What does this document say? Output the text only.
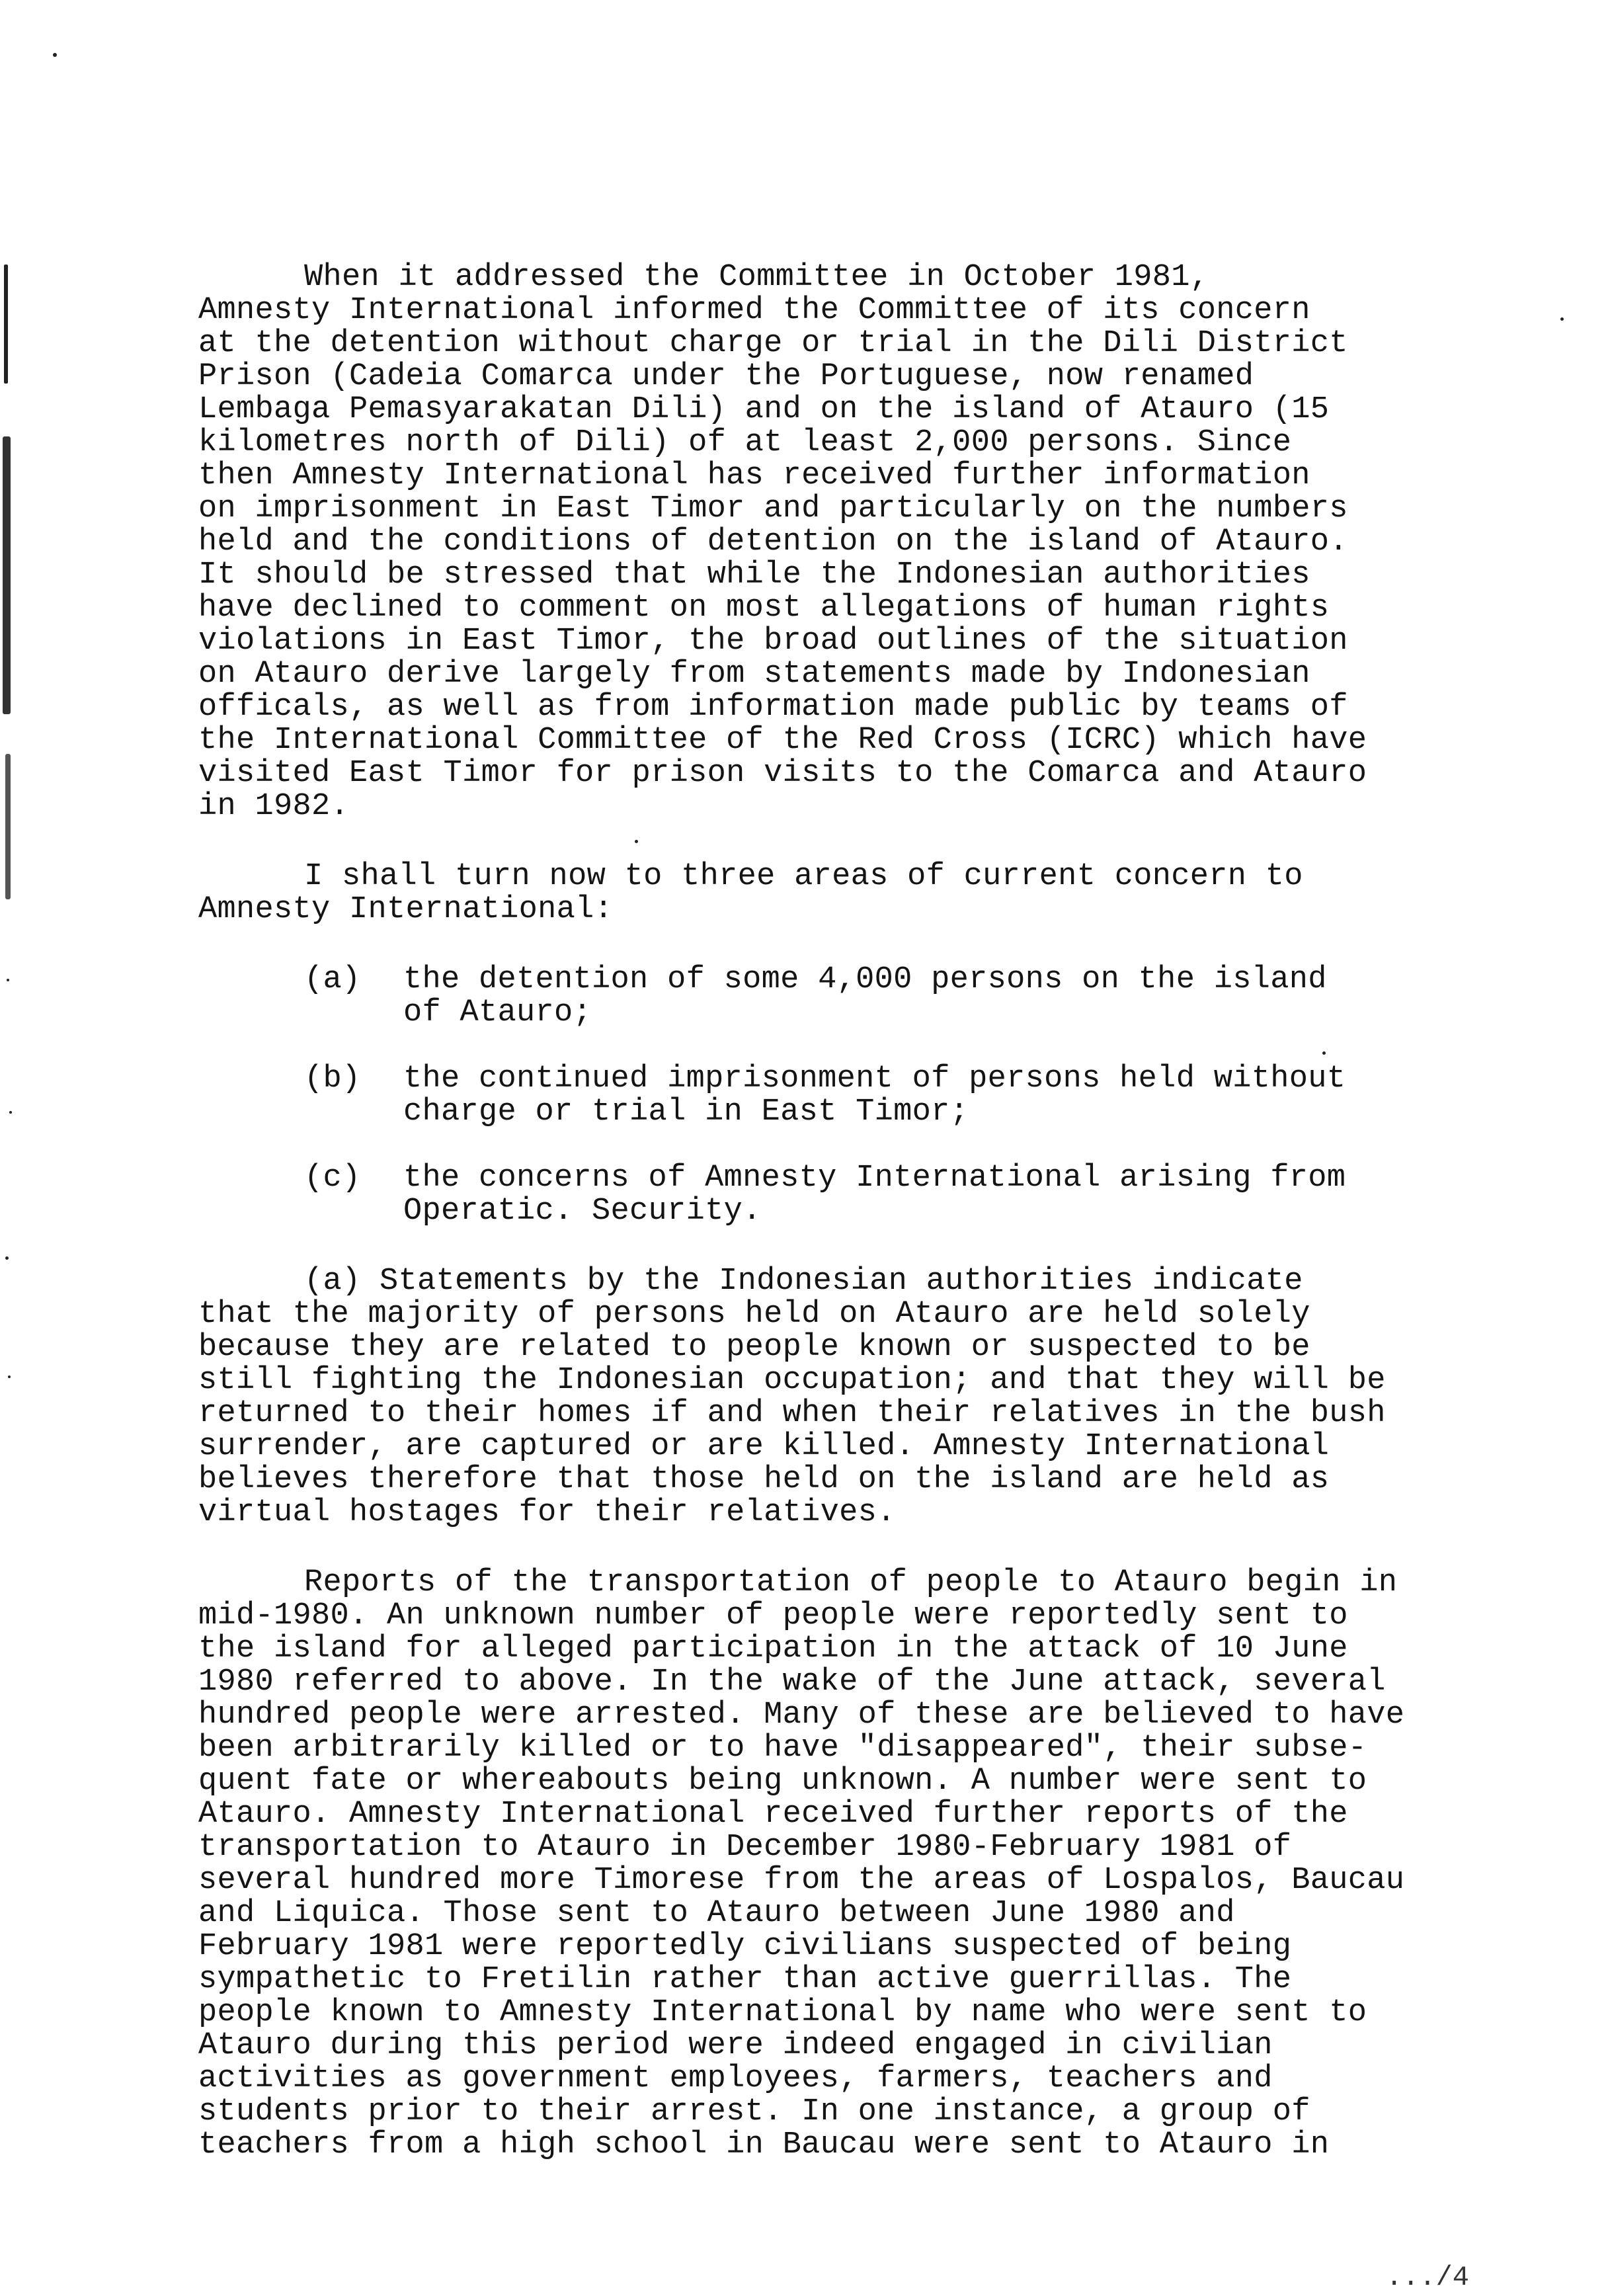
When it addressed the Committee in October 1981,
Amnesty International informed the Committee of its concern
at the detention without charge or trial in the Dili District
Prison (Cadeia Comarca under the Portuguese, now renamed
Lembaga Pemasyarakatan Dili) and on the island of Atauro (15
kilometres north of Dili) of at least 2,000 persons. Since
then Amnesty International has received further information
on imprisonment in East Timor and particularly on the numbers
held and the conditions of detention on the island of Atauro.
It should be stressed that while the Indonesian authorities
have declined to comment on most allegations of human rights
violations in East Timor, the broad outlines of the situation
on Atauro derive largely from statements made by Indonesian
officals, as well as from information made public by teams of
the International Committee of the Red Cross (ICRC) which have
visited East Timor for prison visits to the Comarca and Atauro
in 1982.
I shall turn now to three areas of current concern to
Amnesty International:
(a)	the detention of some 4,000 persons on the island
of Atauro;
(b)	the continued imprisonment of persons held without
charge or trial in East Timor;
(c)	the concerns of Amnesty International arising from
Operatic. Security.
(a) Statements by the Indonesian authorities indicate
that the majority of persons held on Atauro are held solely
because they are related to people known or suspected to be
still fighting the Indonesian occupation; and that they will be
returned to their homes if and when their relatives in the bush
surrender, are captured or are killed. Amnesty International
believes therefore that those held on the island are held as
virtual hostages for their relatives.
Reports of the transportation of people to Atauro begin in
mid-1980. An unknown number of people were reportedly sent to
the island for alleged participation in the attack of 10 June
1980 referred to above. In the wake of the June attack, several
hundred people were arrested. Many of these are believed to have
been arbitrarily killed or to have "disappeared", their subse-
quent fate or whereabouts being unknown. A number were sent to
Atauro. Amnesty International received further reports of the
transportation to Atauro in December 1980-February 1981 of
several hundred more Timorese from the areas of Lospalos, Baucau
and Liquica. Those sent to Atauro between June 1980 and
February 1981 were reportedly civilians suspected of being
sympathetic to Fretilin rather than active guerrillas. The
people known to Amnesty International by name who were sent to
Atauro during this period were indeed engaged in civilian
activities as government employees, farmers, teachers and
students prior to their arrest. In one instance, a group of
teachers from a high school in Baucau were sent to Atauro in
.../4
